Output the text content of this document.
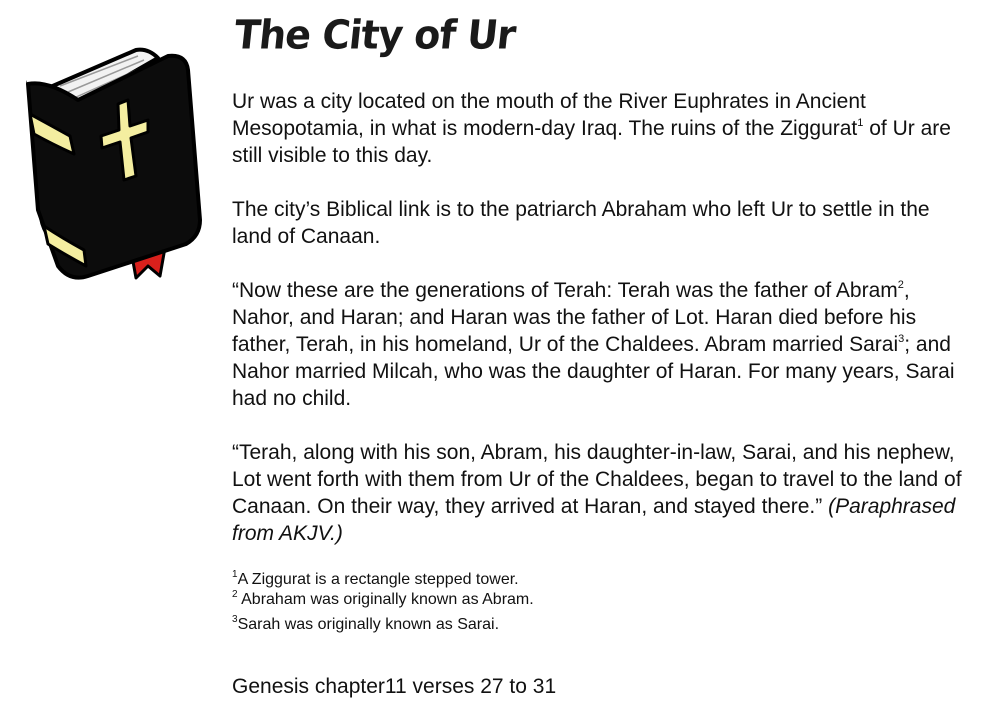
The City of Ur

Ur was a city located on the mouth of the River Euphrates in Ancient Mesopotamia, in what is modern-day Iraq. The ruins of the Ziggurat$^1$ of Ur are still visible to this day.

The city’s Biblical link is to the patriarch Abraham who left Ur to settle in the land of Canaan.

“Now these are the generations of Terah: Terah was the father of Abram$^2$, Nahor, and Haran; and Haran was the father of Lot. Haran died before his father, Terah, in his homeland, Ur of the Chaldees. Abram married Sarai$^3$; and Nahor married Milcah, who was the daughter of Haran. For many years, Sarai had no child.

“Terah, along with his son, Abram, his daughter-in-law, Sarai, and his nephew, Lot went forth with them from Ur of the Chaldees, began to travel to the land of Canaan. On their way, they arrived at Haran, and stayed there.” (Paraphrased from AKJV.)

$^1$A Ziggurat is a rectangle stepped tower.

$^2$ Abraham was originally known as Abram.

$^3$Sarah was originally known as Sarai.

Genesis chapter11 verses 27 to 31
